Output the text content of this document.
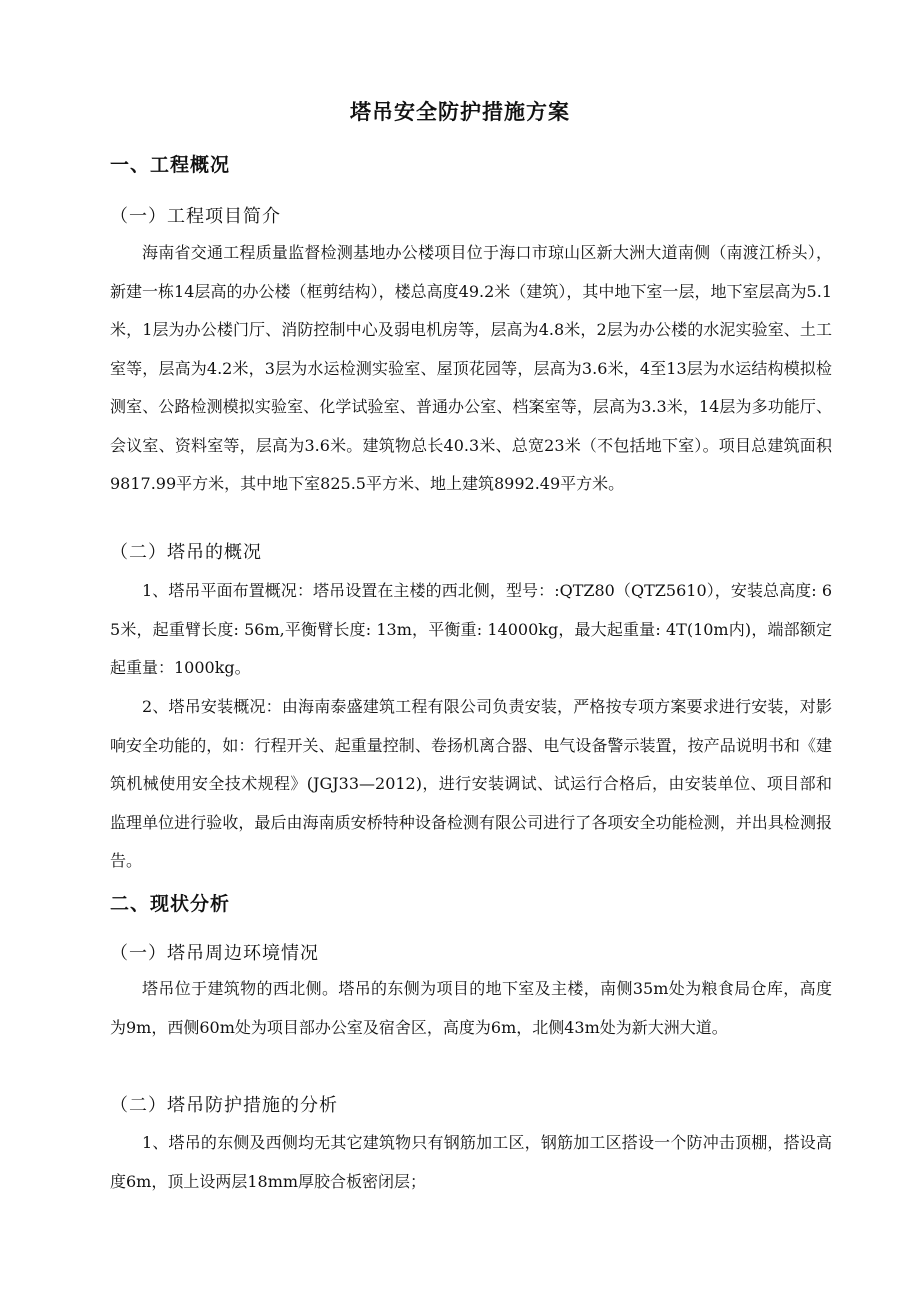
塔吊安全防护措施方案
一、工程概况
（一）工程项目简介
海南省交通工程质量监督检测基地办公楼项目位于海口市琼山区新大洲大道南侧（南渡江桥头），新建一栋14层高的办公楼（框剪结构），楼总高度49.2米（建筑），其中地下室一层，地下室层高为5.1米，1层为办公楼门厅、消防控制中心及弱电机房等，层高为4.8米，2层为办公楼的水泥实验室、土工室等，层高为4.2米，3层为水运检测实验室、屋顶花园等，层高为3.6米，4至13层为水运结构模拟检测室、公路检测模拟实验室、化学试验室、普通办公室、档案室等，层高为3.3米，14层为多功能厅、会议室、资料室等，层高为3.6米。建筑物总长40.3米、总宽23米（不包括地下室）。项目总建筑面积9817.99平方米，其中地下室825.5平方米、地上建筑8992.49平方米。
（二）塔吊的概况
1、塔吊平面布置概况：塔吊设置在主楼的西北侧，型号：:QTZ80（QTZ5610），安装总高度: 65米，起重臂长度: 56m,平衡臂长度: 13m，平衡重: 14000kg，最大起重量: 4T(10m内)，端部额定起重量：1000kg。
2、塔吊安装概况：由海南泰盛建筑工程有限公司负责安装，严格按专项方案要求进行安装，对影响安全功能的，如：行程开关、起重量控制、卷扬机离合器、电气设备警示装置，按产品说明书和《建筑机械使用安全技术规程》(JGJ33—2012)，进行安装调试、试运行合格后，由安装单位、项目部和监理单位进行验收，最后由海南质安桥特种设备检测有限公司进行了各项安全功能检测，并出具检测报告。
二、现状分析
（一）塔吊周边环境情况
塔吊位于建筑物的西北侧。塔吊的东侧为项目的地下室及主楼，南侧35m处为粮食局仓库，高度为9m，西侧60m处为项目部办公室及宿舍区，高度为6m，北侧43m处为新大洲大道。
（二）塔吊防护措施的分析
1、塔吊的东侧及西侧均无其它建筑物只有钢筋加工区，钢筋加工区搭设一个防冲击顶棚，搭设高度6m，顶上设两层18mm厚胶合板密闭层；
